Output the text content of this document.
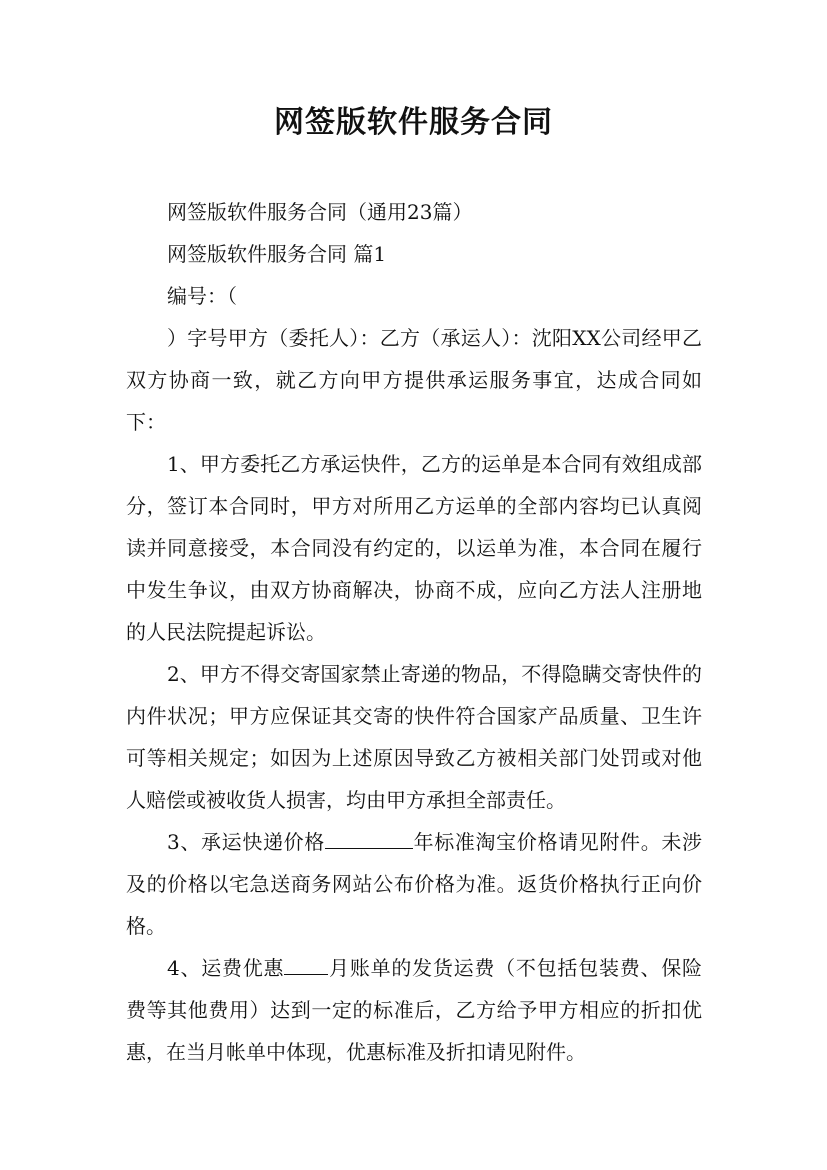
网签版软件服务合同

网签版软件服务合同（通用23篇）

网签版软件服务合同 篇1

编号：（

）字号甲方（委托人）：乙方（承运人）：沈阳XX公司经甲乙双方协商一致，就乙方向甲方提供承运服务事宜，达成合同如下：

1、甲方委托乙方承运快件，乙方的运单是本合同有效组成部分，签订本合同时，甲方对所用乙方运单的全部内容均已认真阅读并同意接受，本合同没有约定的，以运单为准，本合同在履行中发生争议，由双方协商解决，协商不成，应向乙方法人注册地的人民法院提起诉讼。

2、甲方不得交寄国家禁止寄递的物品，不得隐瞒交寄快件的内件状况；甲方应保证其交寄的快件符合国家产品质量、卫生许可等相关规定；如因为上述原因导致乙方被相关部门处罚或对他人赔偿或被收货人损害，均由甲方承担全部责任。

3、承运快递价格	年标准淘宝价格请见附件。未涉及的价格以宅急送商务网站公布价格为准。返货价格执行正向价格。

4、运费优惠 月账单的发货运费（不包括包装费、保险费等其他费用）达到一定的标准后，乙方给予甲方相应的折扣优惠，在当月帐单中体现，优惠标准及折扣请见附件。
